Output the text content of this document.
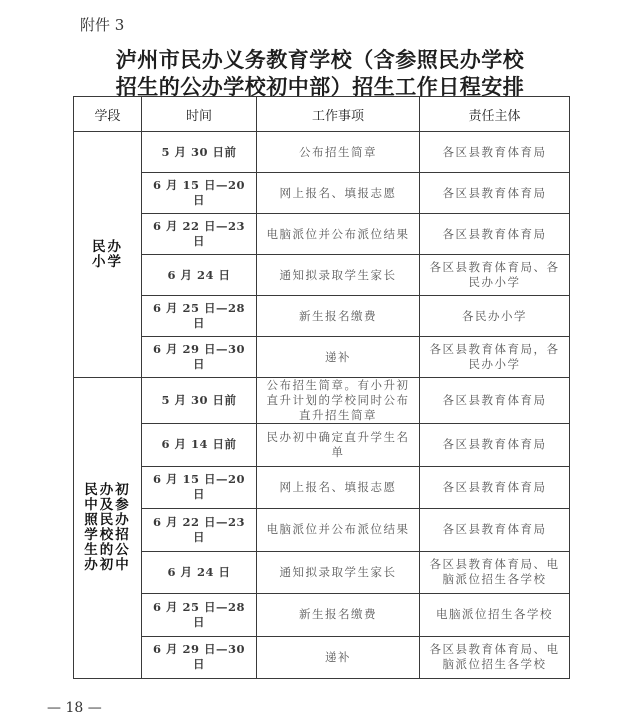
附件 3
泸州市民办义务教育学校（含参照民办学校
招生的公办学校初中部）招生工作日程安排
学段	时间	工作事项	责任主体
民办
小学	5 月 30 日前	公布招生简章	各区县教育体育局
	6 月 15 日—20 日	网上报名、填报志愿	各区县教育体育局
	6 月 22 日—23 日	电脑派位并公布派位结果	各区县教育体育局
	6 月 24 日	通知拟录取学生家长	各区县教育体育局、各民办小学
	6 月 25 日—28 日	新生报名缴费	各民办小学
	6 月 29 日—30 日	递补	各区县教育体育局，各民办小学
民办初
中及参
照民办
学校招
生的公
办初中	5 月 30 日前	公布招生简章。有小升初直升计划的学校同时公布直升招生简章	各区县教育体育局
	6 月 14 日前	民办初中确定直升学生名单	各区县教育体育局
	6 月 15 日—20 日	网上报名、填报志愿	各区县教育体育局
	6 月 22 日—23 日	电脑派位并公布派位结果	各区县教育体育局
	6 月 24 日	通知拟录取学生家长	各区县教育体育局、电脑派位招生各学校
	6 月 25 日—28 日	新生报名缴费	电脑派位招生各学校
	6 月 29 日—30 日	递补	各区县教育体育局、电脑派位招生各学校
— 18 —
